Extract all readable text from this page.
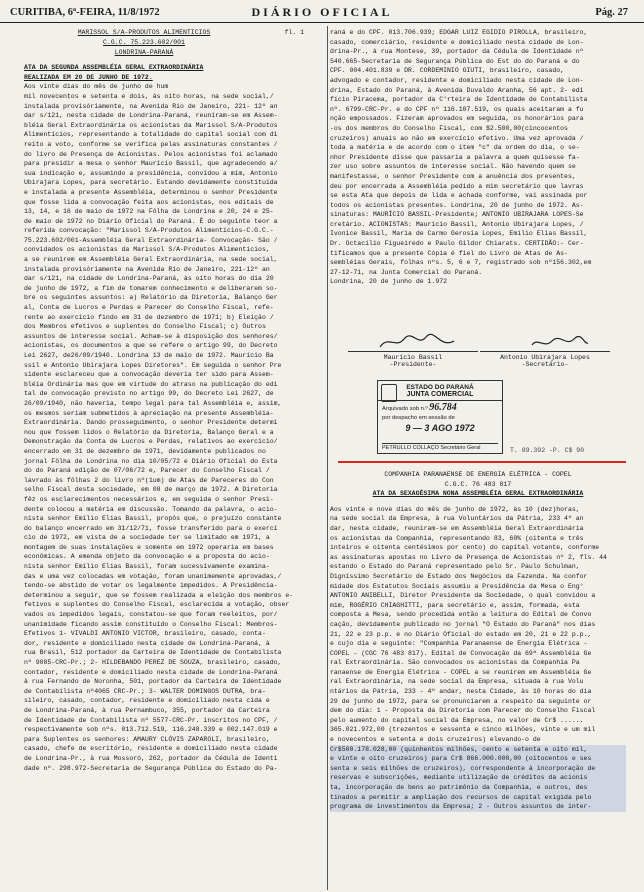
CURITIBA, 6ª-FEIRA, 11/8/1972	DIÁRIO OFICIAL	Pág. 27

MARISSOL S/A-PRODUTOS ALIMENTICIOS	fl. 1

C.G.C. 75.223.602/001

LONDRINA-PARANÁ

ATA DA SEGUNDA ASSEMBLÉIA GERAL EXTRAORDINÁRIA

REALIZADA EM 20 DE JUNHO DE 1972.

Aos vinte dias do mês de junho de hum

mil novecentos e setenta e dois, às oito horas, na sede social,/

instalada provisóriamente, na Avenida Rio de Janeiro, 221- 12º an

dar s/121, nesta cidade de Londrina-Paraná, reuniram-se em Assem-

bléia Geral Extraordinária os acionistas da Marissol S/A-Produtos

Alimentícios, representando a totalidade do capital social com di

reito a voto, conforme se verifica pelas assinaturas constantes /

do livro de Presença de Acionistas. Pelos acionistas foi aclamado

para presidir a mesa o senhor Maurício Bassil, que agradecendo a/

sua indicação e, assumindo a presidência, convidou a mim, Antonio

Ubirajara Lopes, para secretário. Estando devidamente constituída

e instalada a presente Assembléia, determinou o senhor Presidente

que fosse lida a convocação feita aos acionistas, nos editais de

13, 14, e 16 de maio de 1972 na Fôlha de Londrina e 20, 24 e 25-

de maio de 1972 no Diário Oficial do Paraná. É do seguinte teor a

referida convocação: "Marissol S/A-Produtos Alimentícios-C.G.C.-

75.223.602/001-Assembléia Geral Extraordinária- Convocação- São /

convidados os acionistas da Marissol S/A-Produtos Alimentícios,

a se reunirem em Assembléia Geral Extraordinária, na sede social,

instalada provisóriamente na Avenida Rio de Janeiro, 221-12º an

dar s/121, na cidade de Londrina-Paraná, às oito horas do dia 20

de junho de 1972, a fim de tomarem conhecimento e deliberarem so-

bre os seguintes assuntos: a) Relatório da Diretoria, Balanço Ger

al, Conta de Lucros e Perdas e Parecer do Conselho Fiscal, refe-

rente ao exercício findo em 31 de dezembro de 1971; b) Eleição /

dos Membros efetivos e suplentes do Conselho Fiscal; c) Outros

assuntos de interesse social. Acham-se à disposição dos senhores/

acionistas, os documentos a que se refere o artigo 99, do Decreto

Lei 2627, de26/09/1940. Londrina 13 de maio de 1972. Maurício Ba

ssil e Antonio Ubirajara Lopes Diretores". Em seguida o senhor Pre

sidente esclareceu que a convocação deveria ter sido para Assem-

bléia Ordinária mas que em virtude do atraso na publicação do edi

tal de convocação previsto no artigo 99, do Decreto Lei 2627, de

26/09/1940, não haveria, tempo legal para tal Assembléia e, assim,

os mesmos seriam submetidos à apreciação na presente Assembléia-

Extraordinária. Dando prosseguimento, o senhor Presidente determi

nou que fossem lidos o Relatório da Diretoria, Balanço Geral e a

Demonstração da Conta de Lucros e Perdas, relativos ao exercício/

encerrado em 31 de dezembro de 1971, devidamente publicados no

jornal Fôlha de Londrina no dia 10/05/72 e Diário Oficial do Esta

do do Paraná edição de 07/06/72 e, Parecer do Conselho Fiscal /

lavrado às fôlhas 2 do livro nº(1um) de Atas de Pareceres do Con

selho Fiscal desta sociedade, em 08 de março de 1972. A Diretoria

fêz os esclarecimentos necessários e, em seguida o senhor Presi-

dente colocou a matéria em discussão. Tomando da palavra, o acio-

nista senhor Emílio Elias Bassil, propôs que, o prejuízo constante

do balanço encerrado em 31/12/71, fosse transferido para o exercí

cio de 1972, em vista de a sociedade ter se limitado em 1971, a

montagem de suas instalações e somente em 1972 operaria em bases

econômicas. A emenda objeto da convocação e a proposta do acio-

nista senhor Emílio Elias Bassil, foram sucessivamente examina-

das e uma vez colocadas em votação, foram unanimemente aprovadas,/

tendo-se abstido de votar os legalmente impedidos. A Presidência-

determinou a seguir, que se fossem realizada a eleição dos membros e-

fetivos e suplentes do Conselho Fiscal, esclarecida a votação, obser

vados os impedidos legais, constatou-se que foram reeleitos, por/

unanimidade ficando assim constituído o Conselho Fiscal: Membros-

Efetivos 1- VIVALDI ANTONIO VICTOR, brasileiro, casado, conta-

dor, residente e domiciliado nesta cidade de Londrina-Paraná, à

rua Brasil, 512 portador da Carteira de Identidade de Contabilista

nº 9085-CRC-Pr.; 2- HILDEBANDO PEREZ DE SOUZA, brasileiro, casado,

contador, residente e domiciliado nesta cidade de Londrina-Paraná

à rua Fernando de Noronha, 501, portador da Carteira de Identidade

de Contabilista nº4065 CRC-Pr.; 3- WALTER DOMINGOS DUTRA, bra-

sileiro, casado, contador, residente e domiciliado nesta cida e

de Londrina-Paraná, à rua Pernambuco, 355, portador da Carteira

de Identidade de Contabilista nº 5577-CRC-Pr. inscritos no CPF, /

respectivamente sob nºs. 013.712.519, 116.248.339 e 002.147.019 e

para Suplentes os senhores: AMAURY CLÓVIS ZAPAROLI, brasileiro,

casado, chefe de escritório, residente e domiciliado nesta cidade

de Londrina-Pr., à rua Mossoró, 262, portador da Cédula de Identi

dade nº. 298.972-Secretaria de Segurança Pública do Estado do Pa-

raná e do CPF. 013.706.939; EDGAR LUIZ EGIDIO PIROLLA, brasileiro,

casado, comerciário, residente e domiciliado nesta cidade de Lon-

drina-Pr., à rua Montese, 39, portador da Cédula de Identidade nº

540.665-Secretaria de Segurança Pública do Est do do Paraná e do

CPF. 004.401.839 e DR. CORDEMINIO GIUTI, brasileiro, casado,

advogado e contador, residente e domiciliado nesta cidade de Lon-

drina, Estado do Paraná, à Avenida Duvaldo Aranha, 56 apt. 2- edi

fício Piracema, portador da C'rteira de Identidade de Contabilista

nº. 6799-CRC-Pr. e do CPF nº 116.107.519, os quais aceitaram a fu

nção empossados. Fizeram aprovados em seguida, os honorários para

-os dos membros do Conselho Fiscal, com $2.500,00(cincocentos

cruzeiros) anuais ao não em exercício efetivo. Uma vez aprovada /

toda a matéria e de acordo com o item "c" da ordem do dia, o se-

nhor Presidente disse que passaria a palavra a quem quisesse fa-

zer uso sobre assuntos de interesse social. Não havendo quem se

manifestasse, o senhor Presidente com a anuência dos presentes,

deu por encerrada a Assembléia pedido a mim secretário que lavras

se esta Ata que depois de lida e achada conforme, vai assinada por

todos os acionistas presentes. Londrina, 20 de junho de 1972. As-

sinaturas: MAURÍCIO BASSIL-Presidente; ANTONIO UBIRAJARA LOPES-Se

cretário. ACIONISTAS: Maurício Bassil, Antonio Ubirajara Lopes, /

Ivonice Bassil, Maria de Carmo Gerosia Lopes, Emílio Elias Bassil,

Dr. Octacílio Figueiredo e Paulo Gildor Chiarats. CERTIDÃO:- Cer-

tificamos que a presente Cópia é fiel do Livro de Atas de As-

sembléias Gerais, folhas nºs. 5, 6 e 7, registrado sob nº156.302,em

27-12-71, na Junta Comercial do Paraná.

Londrina, 20 de junho de 1.972

Maurício Bassil
-Presidente-
Antonio Ubirajara Lopes
-Secretário-
ESTADO DO PARANÁ
JUNTA COMERCIAL
Arquivado sob n.º 96.784
por despacho em sessão de
9 — 3 AGO 1972
PETRULLO COLLAÇO Secretário Geral	T. 89.392 -P. C$ 90

COMPANHIA PARANAENSE DE ENERGIA ELÉTRICA - COPEL

C.G.C. 76 483 817

ATA DA SEXAGÉSIMA NONA ASSEMBLÉIA GERAL EXTRAORDINÁRIA

Aos vinte e nove dias do mês de junho de 1972, às 10 (dez)horas,

na sede social da Empresa, à rua Voluntários da Pátria, 233 4º an

dar, nesta cidade, reuniram-se em Assembléia Geral Extraordinária

os acionistas da Companhia, representando 83, 60% (oitenta e três

inteiros e oitenta centésimos por cento) do capital votante, conforme

as assinaturas apostas no Livro de Presença de Acionistas nº 2, fls. 44

estando o Estado do Paraná representado pelo Sr. Paulo Schulman,

Digníssimo Secretário de Estado dos Negócios da Fazenda. Na confor

midade dos Estatutos Sociais assumiu a Presidência da Mesa o Eng°

ANTONIO ANIBELLI, Diretor Presidente da Sociedade, o qual convidou a

mim, ROGÉRIO CHIAGHITTI, para secretário e, assim, formada, esta

composta a Mesa, sendo procedida então a leitura do Edital de Convo

cação, devidamente publicado no jornal "O Estado do Paraná" nos dias

21, 22 e 23 p.p. e no Diário Oficial do estado em 20, 21 e 22 p.p.,

e cujo dia e seguinte: "Companhia Paranaense de Energia Elétrica -

COPEL - (CGC 76 483 817). Edital de Convocação da 69ª Assembléia Ge

ral Extraordinária. São convocados os acionistas da Companhia Pa

ranaense de Energia Elétrica - COPEL a se reunirem em Assembléia Ge

ral Extraordinária, na sede social da Empresa, situada à rua Volu

ntários da Pátria, 233 - 4º andar, nesta Cidade, às 10 horas do dia

29 de junho de 1972, para se pronunciarem a respeito da seguinte or

dem do dia: 1 - Proposta da Diretoria com Parecer do Conselho Fiscal

pelo aumento do capital social da Empresa, no valor de Cr$ ......

365.021.972,00 (trezentos e sessenta e cinco milhões, vinte e um mil

e novecentos e setenta e dois cruzeiros) elevando-o de

Cr$500.178.028,00 (quinhentos milhões, cento e setenta e oito mil,

e vinte e oito cruzeiros) para Cr$ 866.000.000,00 (oitocentos e ses

senta e seis milhões de cruzeiros), correspondente à incorporação de

reservas e subscrições, mediante utilização de créditos da acionis

ta, incorporação de bens ao patrimônio da Companhia, e outros, des

tinados a permitir a ampliação dos recursos de capital exigida pelo

programa de investimentos da Empresa; 2 - Outros assuntos de inter-
